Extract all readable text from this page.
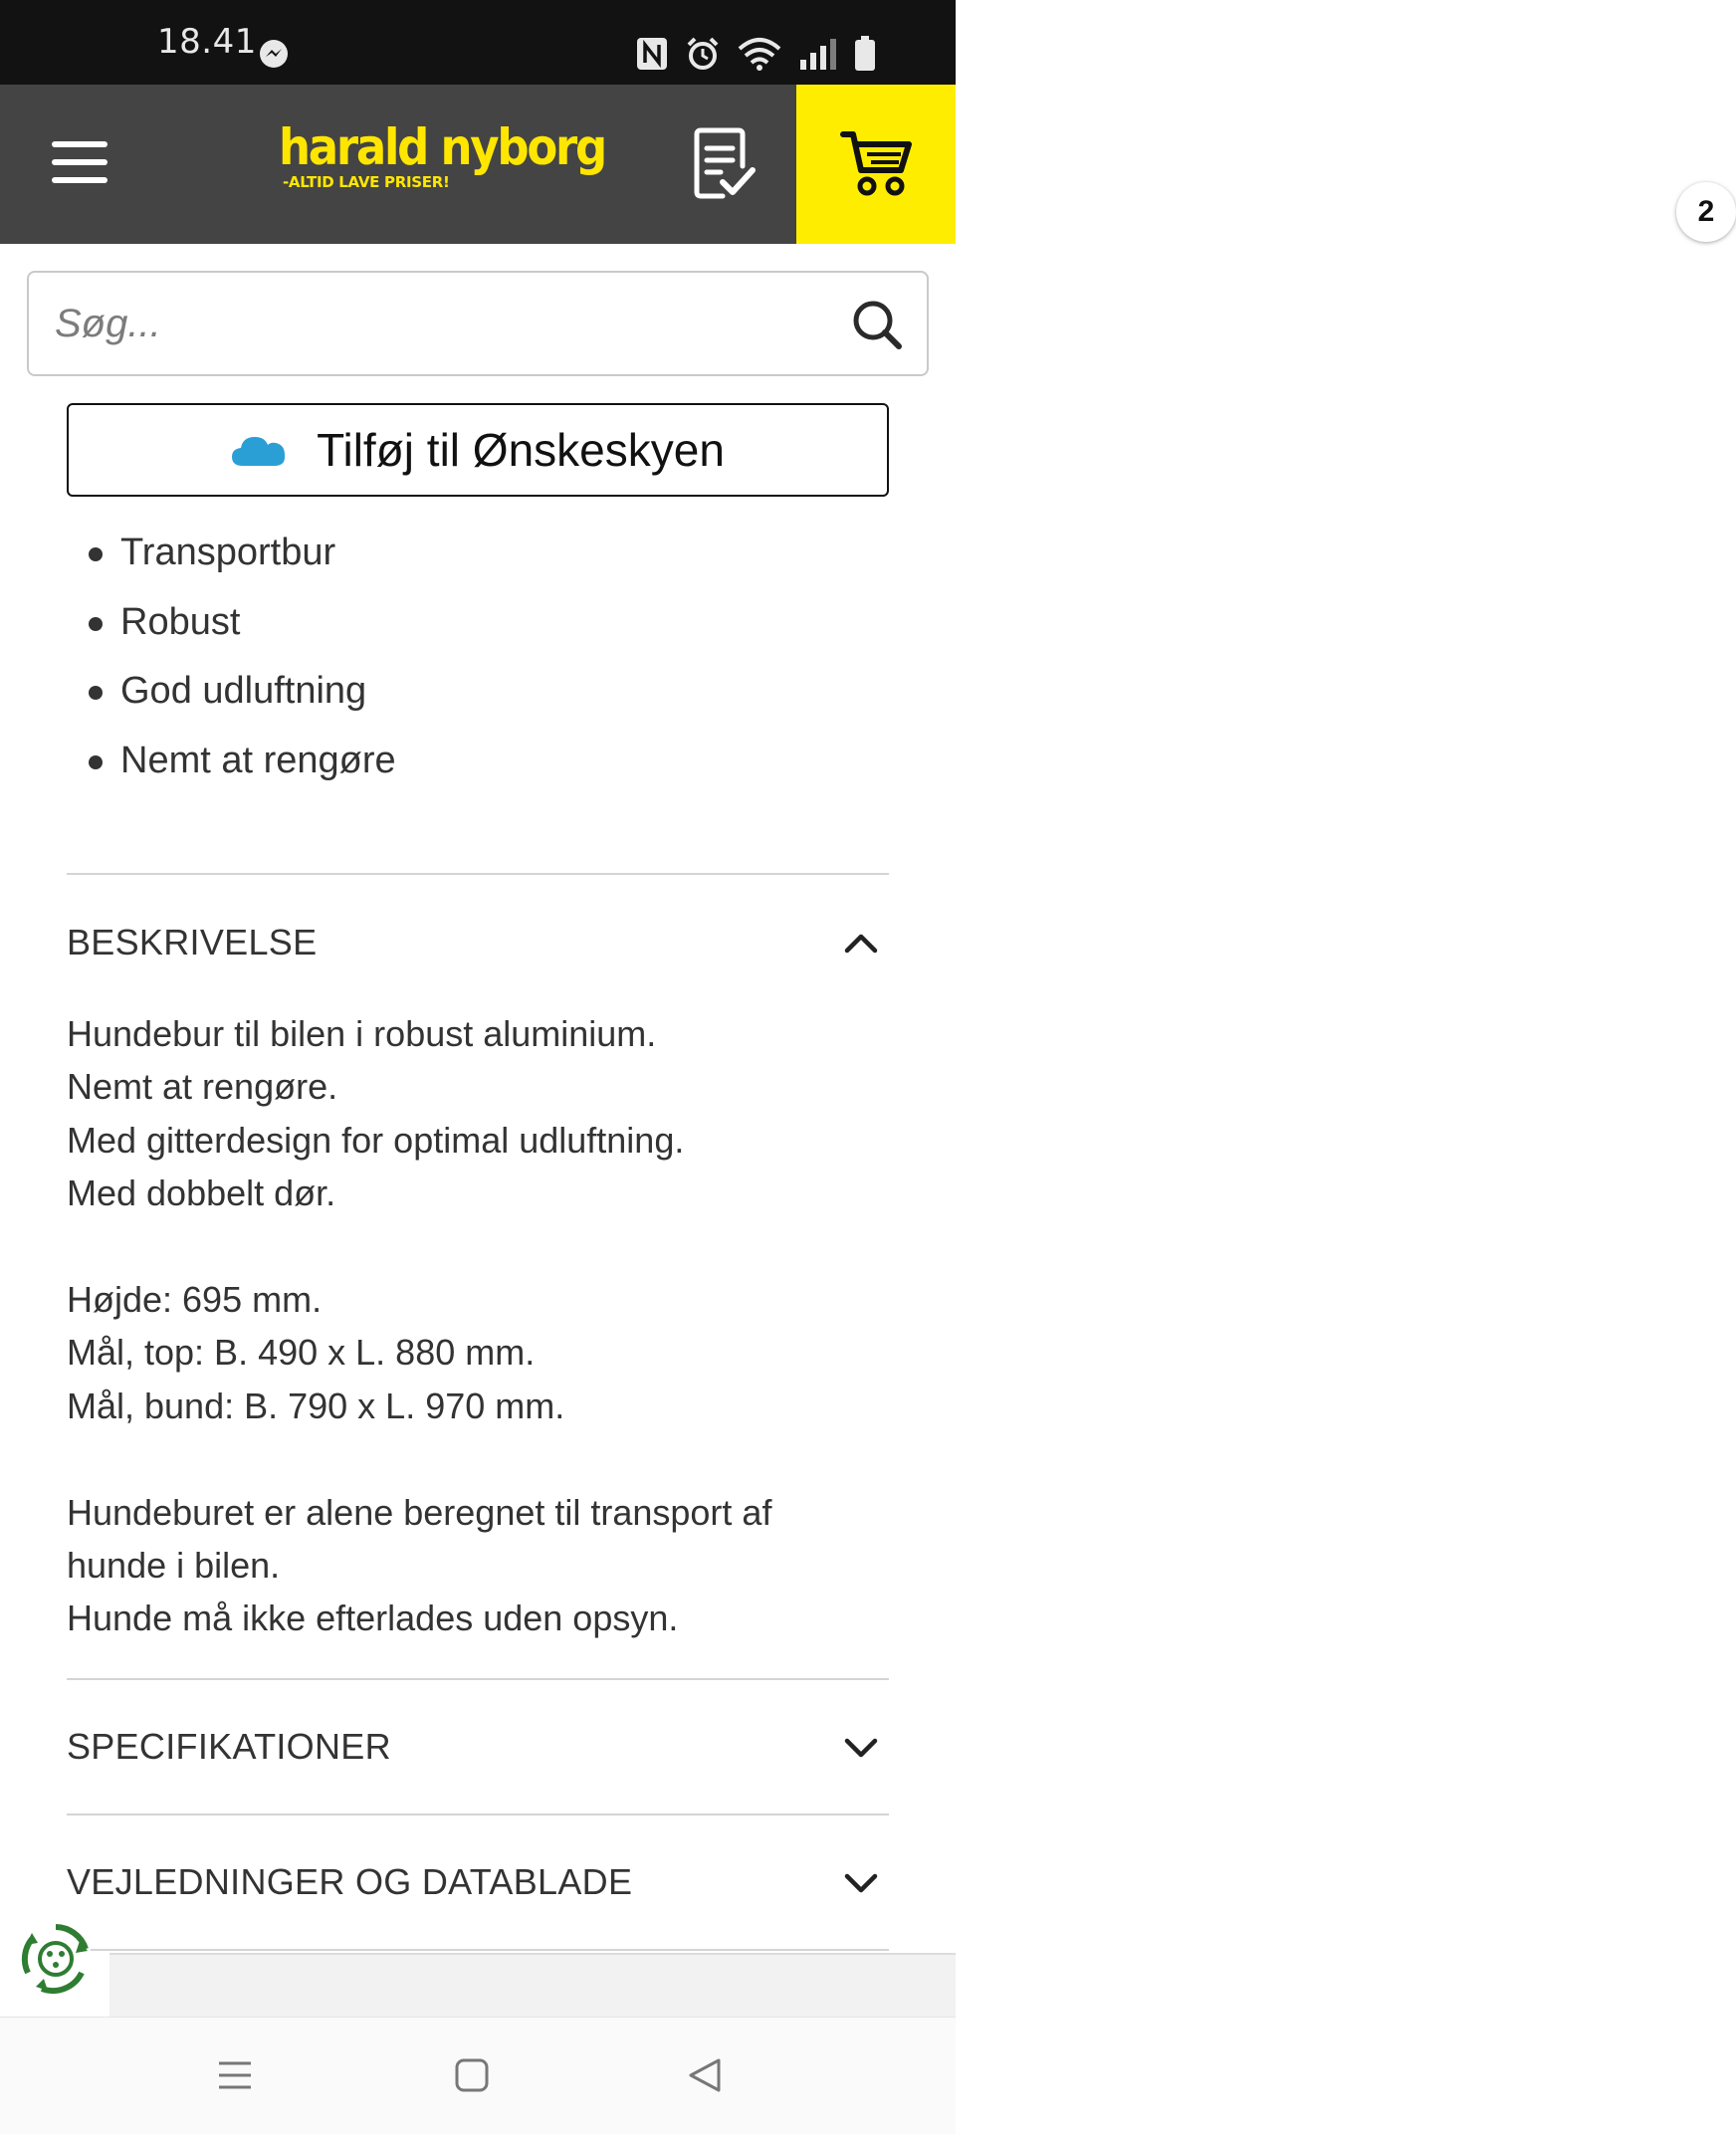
18.41
harald nyborg
-ALTID LAVE PRISER!
2
Søg...
Tilføj til Ønskeskyen
Transportbur
Robust
God udluftning
Nemt at rengøre
BESKRIVELSE
Hundebur til bilen i robust aluminium.
Nemt at rengøre.
Med gitterdesign for optimal udluftning.
Med dobbelt dør.
Højde: 695 mm.
Mål, top: B. 490 x L. 880 mm.
Mål, bund: B. 790 x L. 970 mm.
Hundeburet er alene beregnet til transport af
hunde i bilen.
Hunde må ikke efterlades uden opsyn.
SPECIFIKATIONER
VEJLEDNINGER OG DATABLADE
